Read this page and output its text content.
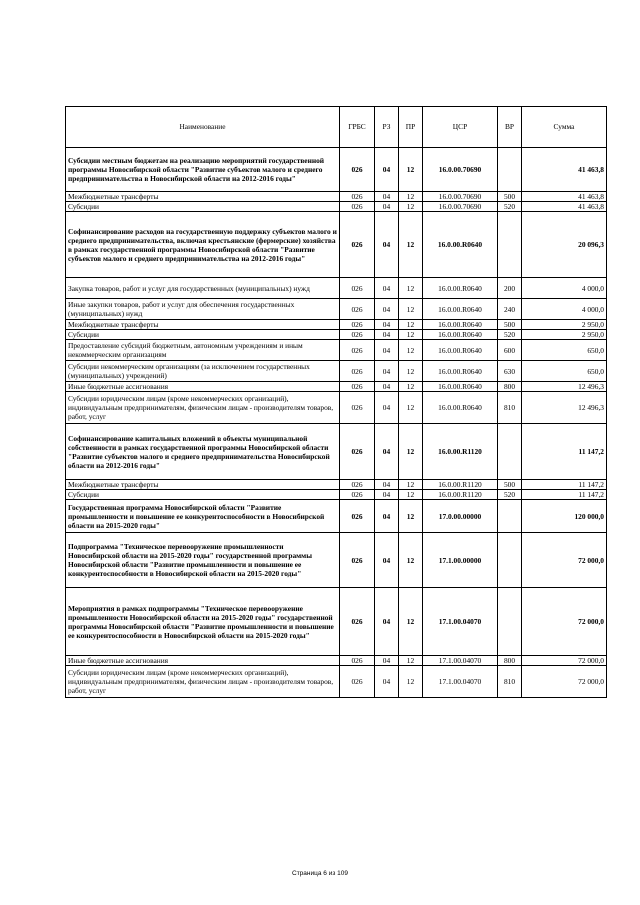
Наименование	ГРБС	РЗ	ПР	ЦСР	ВР	Сумма
Субсидии местным бюджетам на реализацию мероприятий государственной программы Новосибирской области "Развитие субъектов малого и среднего предпринимательства в Новосибирской области на 2012-2016 годы"	026	04	12	16.0.00.70690		41 463,8
Межбюджетные трансферты	026	04	12	16.0.00.70690	500	41 463,8
Субсидии	026	04	12	16.0.00.70690	520	41 463,8
Софинансирование расходов на государственную поддержку субъектов малого и среднего предпринимательства, включая крестьянские (фермерские) хозяйства в рамках государственной программы Новосибирской области "Развитие субъектов малого и среднего предпринимательства на 2012-2016 годы"	026	04	12	16.0.00.R0640		20 096,3
Закупка товаров, работ и услуг для государственных (муниципальных) нужд	026	04	12	16.0.00.R0640	200	4 000,0
Иные закупки товаров, работ и услуг для обеспечения государственных (муниципальных) нужд	026	04	12	16.0.00.R0640	240	4 000,0
Межбюджетные трансферты	026	04	12	16.0.00.R0640	500	2 950,0
Субсидии	026	04	12	16.0.00.R0640	520	2 950,0
Предоставление субсидий бюджетным, автономным учреждениям и иным некоммерческим организациям	026	04	12	16.0.00.R0640	600	650,0
Субсидии некоммерческим организациям (за исключением государственных (муниципальных) учреждений)	026	04	12	16.0.00.R0640	630	650,0
Иные бюджетные ассигнования	026	04	12	16.0.00.R0640	800	12 496,3
Субсидии юридическим лицам (кроме некоммерческих организаций), индивидуальным предпринимателям, физическим лицам - производителям товаров, работ, услуг	026	04	12	16.0.00.R0640	810	12 496,3
Софинансирование капитальных вложений в объекты муниципальной собственности в рамках государственной программы Новосибирской области "Развитие субъектов малого и среднего предпринимательства Новосибирской области на 2012-2016 годы"	026	04	12	16.0.00.R1120		11 147,2
Межбюджетные трансферты	026	04	12	16.0.00.R1120	500	11 147,2
Субсидии	026	04	12	16.0.00.R1120	520	11 147,2
Государственная программа Новосибирской области "Развитие промышленности и повышение ее конкурентоспособности в Новосибирской области на 2015-2020 годы"	026	04	12	17.0.00.00000		120 000,0
Подпрограмма "Техническое перевооружение промышленности Новосибирской области на 2015-2020 годы" государственной программы Новосибирской области "Развитие промышленности и повышение ее конкурентоспособности в Новосибирской области на 2015-2020 годы"	026	04	12	17.1.00.00000		72 000,0
Мероприятия в рамках подпрограммы "Техническое перевооружение промышленности Новосибирской области на 2015-2020 годы" государственной программы Новосибирской области "Развитие промышленности и повышение ее конкурентоспособности в Новосибирской области на 2015-2020 годы"	026	04	12	17.1.00.04070		72 000,0
Иные бюджетные ассигнования	026	04	12	17.1.00.04070	800	72 000,0
Субсидии юридическим лицам (кроме некоммерческих организаций), индивидуальным предпринимателям, физическим лицам - производителям товаров, работ, услуг	026	04	12	17.1.00.04070	810	72 000,0
Страница 6 из 109
